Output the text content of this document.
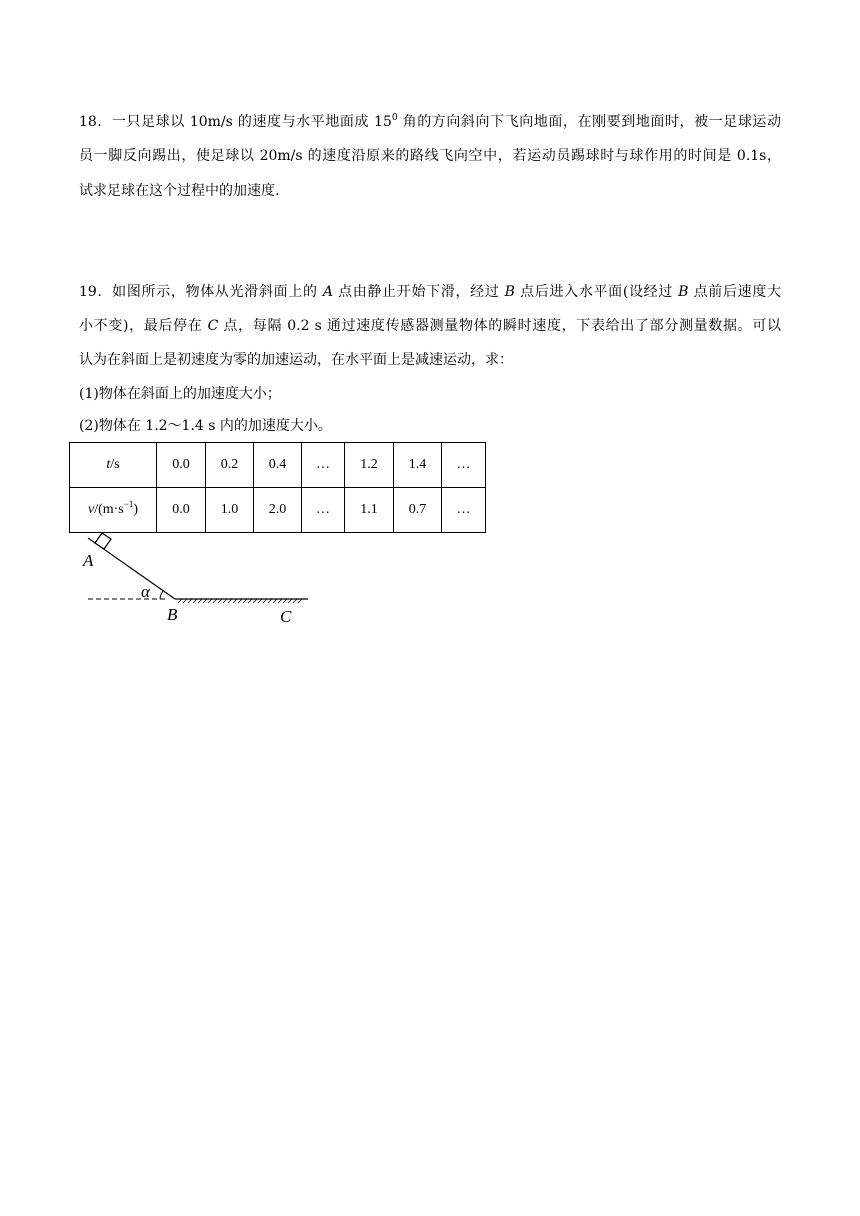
18．一只足球以 10m/s 的速度与水平地面成 $15^0$ 角的方向斜向下飞向地面，在刚要到地面时，被一足球运动
员一脚反向踢出，使足球以 20m/s 的速度沿原来的路线飞向空中，若运动员踢球时与球作用的时间是 0.1s，
试求足球在这个过程中的加速度.
19．如图所示，物体从光滑斜面上的 A 点由静止开始下滑，经过 B 点后进入水平面(设经过 B 点前后速度大
小不变)，最后停在 C 点，每隔 0.2 s 通过速度传感器测量物体的瞬时速度，下表给出了部分测量数据。可以
认为在斜面上是初速度为零的加速运动，在水平面上是减速运动，求：
(1)物体在斜面上的加速度大小；
(2)物体在 1.2～1.4 s 内的加速度大小。
t/s	0.0	0.2	0.4	…	1.2	1.4	…
$v/(m\cdot s^{-1})$	0.0	1.0	2.0	…	1.1	0.7	…
A
α
B	C
